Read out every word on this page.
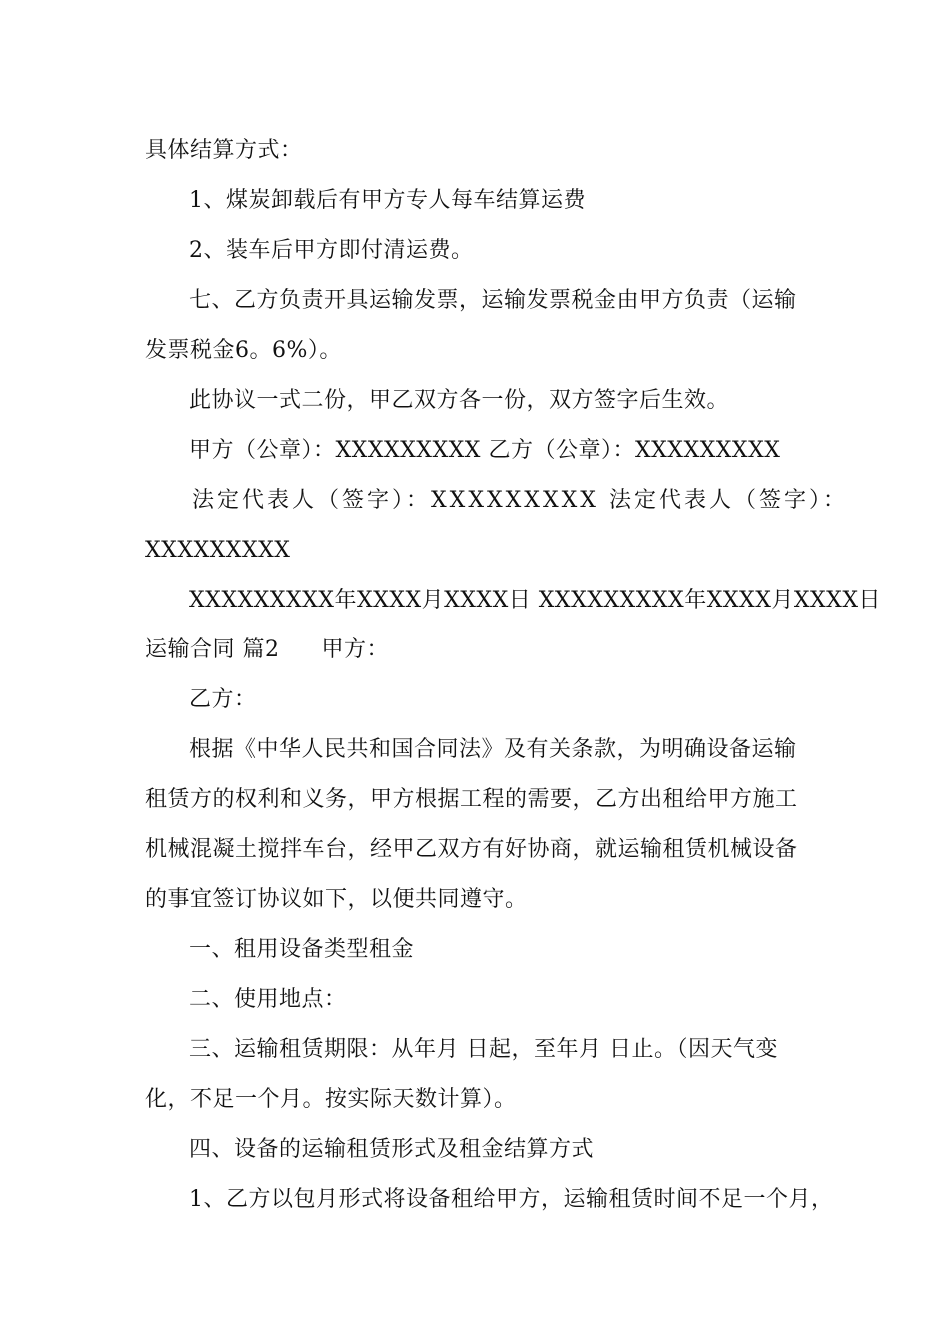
具体结算方式：
1、煤炭卸载后有甲方专人每车结算运费
2、装车后甲方即付清运费。
七、乙方负责开具运输发票，运输发票税金由甲方负责（运输
发票税金6。6%）。
此协议一式二份，甲乙双方各一份，双方签字后生效。
甲方（公章）：XXXXXXXXX 乙方（公章）：XXXXXXXXX
法定代表人（签字）：XXXXXXXXX 法定代表人（签字）：
XXXXXXXXX
XXXXXXXXX年XXXX月XXXX日 XXXXXXXXX年XXXX月XXXX日
运输合同 篇2 甲方：
乙方：
根据《中华人民共和国合同法》及有关条款，为明确设备运输
租赁方的权利和义务，甲方根据工程的需要，乙方出租给甲方施工
机械混凝土搅拌车台，经甲乙双方有好协商，就运输租赁机械设备
的事宜签订协议如下，以便共同遵守。
一、租用设备类型租金
二、使用地点：
三、运输租赁期限：从年月 日起，至年月 日止。（因天气变
化，不足一个月。按实际天数计算）。
四、设备的运输租赁形式及租金结算方式
1、乙方以包月形式将设备租给甲方，运输租赁时间不足一个月，
